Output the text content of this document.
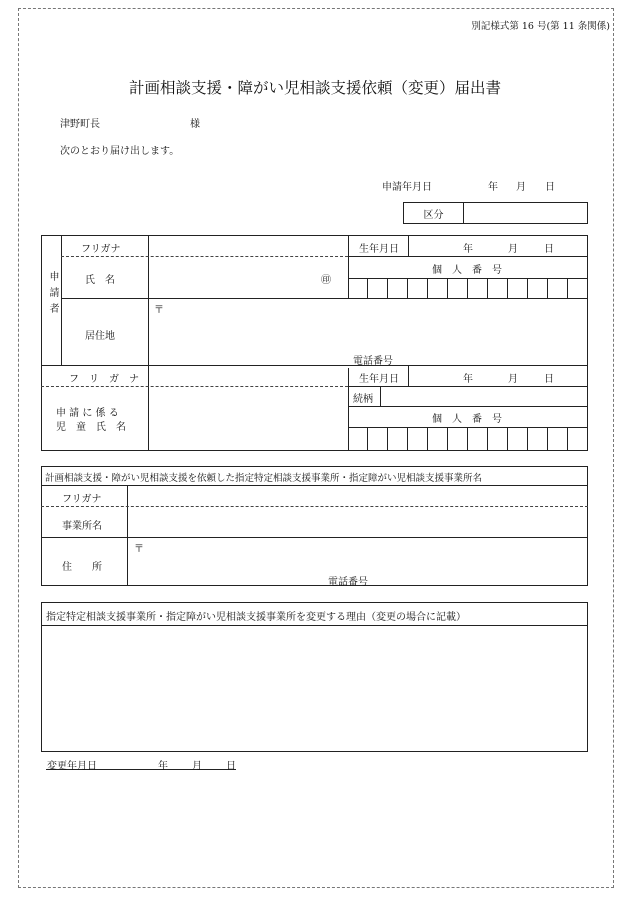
別記様式第 16 号(第 11 条関係)
計画相談支援・障がい児相談支援依頼（変更）届出書
津野町長	様
次のとおり届け出します。
申請年月日	年 月 日
区分	
申請者
フリガナ
氏　名	㊞
居住地
〒
電話番号
生年月日	年	月	日
個　人　番　号
フ　リ　ガ　ナ
申 請 に 係 る
児　童　氏　名
生年月日	年	月	日
続柄
個　人　番　号
計画相談支援・障がい児相談支援を依頼した指定特定相談支援事業所・指定障がい児相談支援事業所名
フリガナ
事業所名
住　　所
〒
電話番号
指定特定相談支援事業所・指定障がい児相談支援事業所を変更する理由（変更の場合に記載）
変更年月日	年 月 日
